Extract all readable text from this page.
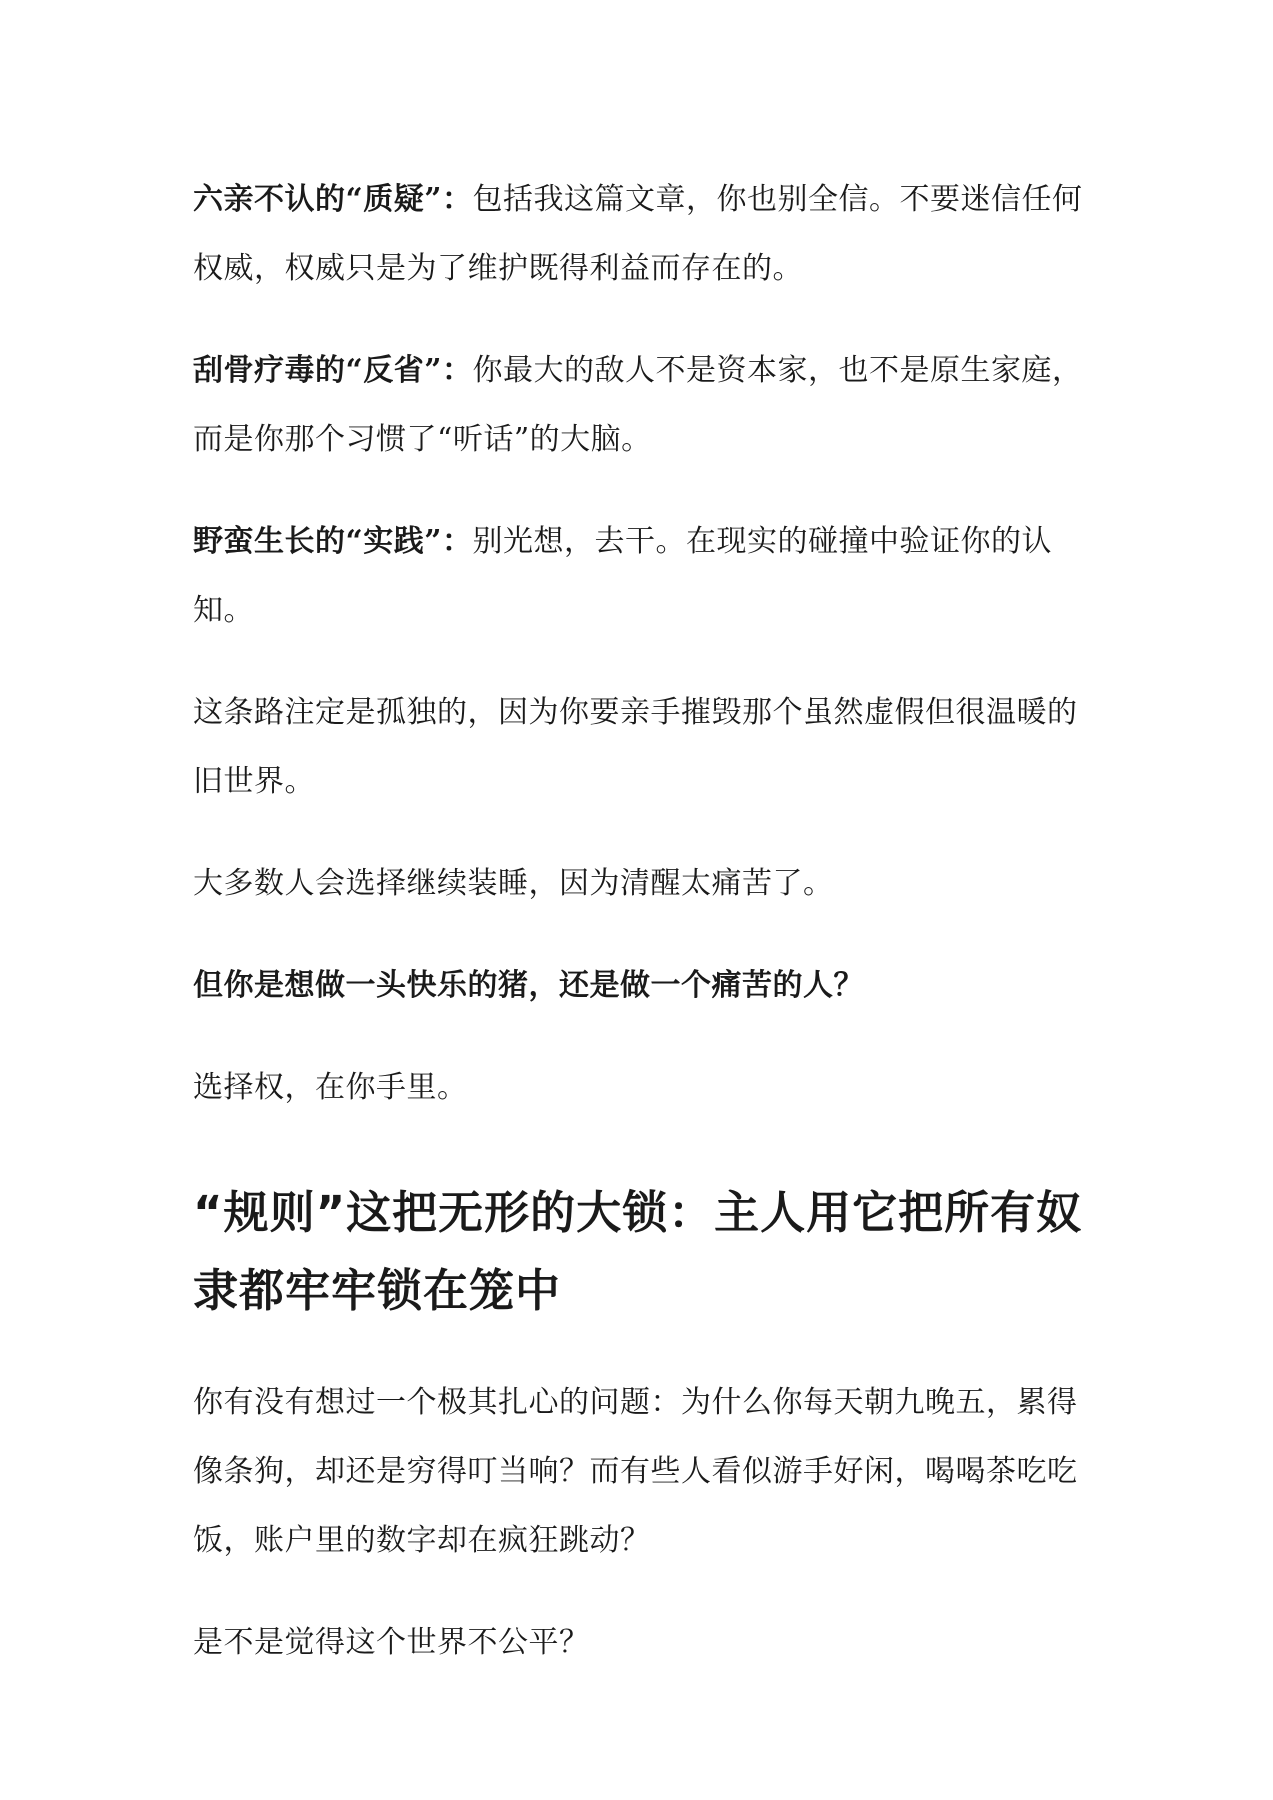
六亲不认的“质疑”：包括我这篇文章，你也别全信。不要迷信任何权威，权威只是为了维护既得利益而存在的。

刮骨疗毒的“反省”：你最大的敌人不是资本家，也不是原生家庭，而是你那个习惯了“听话”的大脑。

野蛮生长的“实践”：别光想，去干。在现实的碰撞中验证你的认知。

这条路注定是孤独的，因为你要亲手摧毁那个虽然虚假但很温暖的旧世界。

大多数人会选择继续装睡，因为清醒太痛苦了。

但你是想做一头快乐的猪，还是做一个痛苦的人？

选择权，在你手里。

“规则”这把无形的大锁：主人用它把所有奴隶都牢牢锁在笼中

你有没有想过一个极其扎心的问题：为什么你每天朝九晚五，累得像条狗，却还是穷得叮当响？而有些人看似游手好闲，喝喝茶吃吃饭，账户里的数字却在疯狂跳动？

是不是觉得这个世界不公平？
